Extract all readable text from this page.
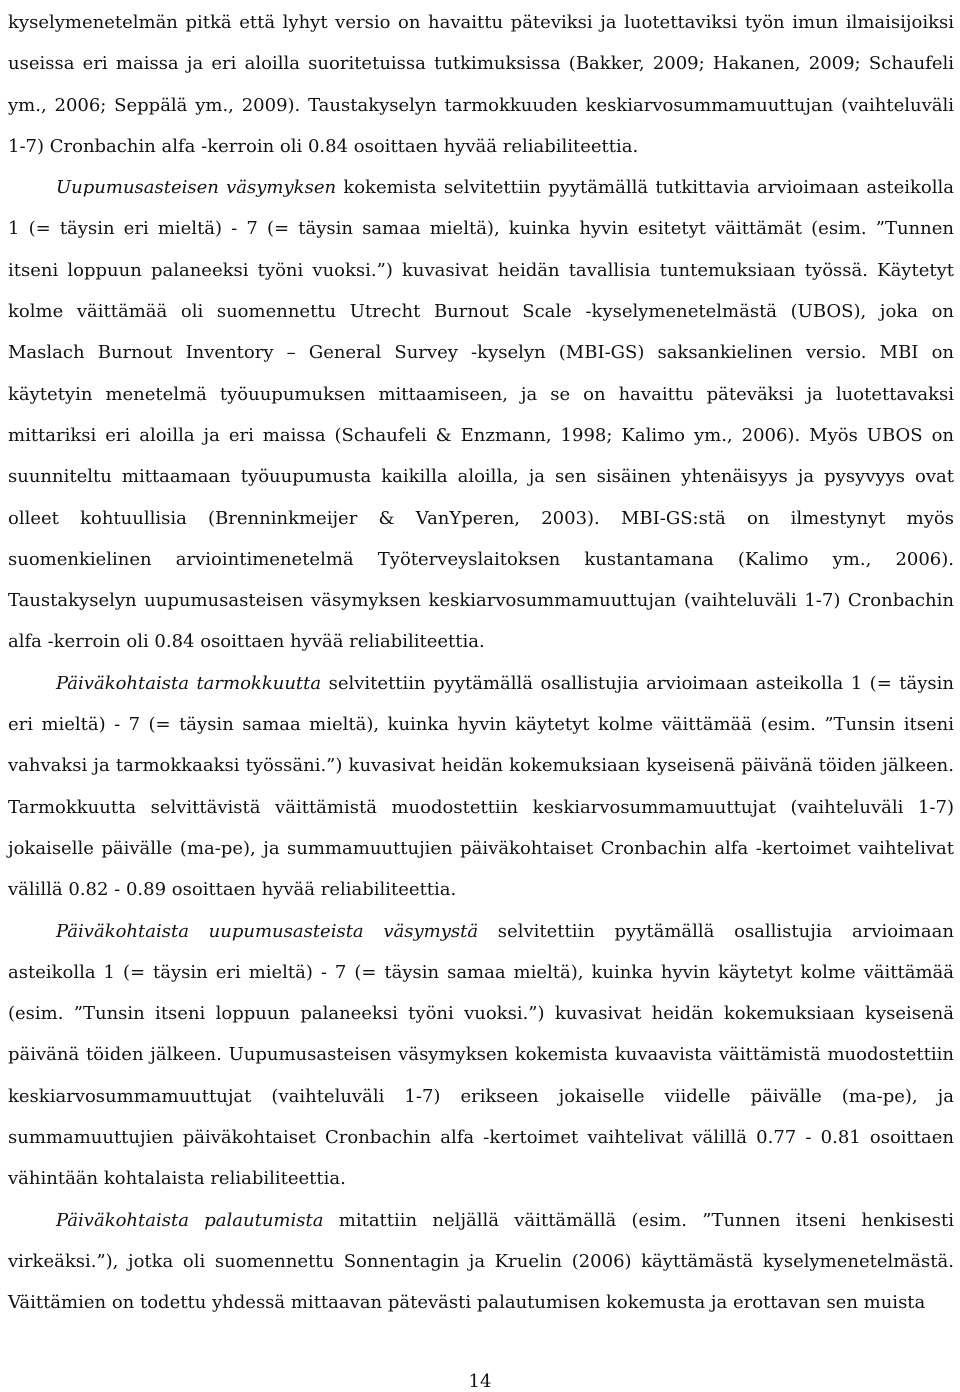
kyselymenetelmän pitkä että lyhyt versio on havaittu päteviksi ja luotettaviksi työn imun ilmaisijoiksi useissa eri maissa ja eri aloilla suoritetuissa tutkimuksissa (Bakker, 2009; Hakanen, 2009; Schaufeli ym., 2006; Seppälä ym., 2009). Taustakyselyn tarmokkuuden keskiarvosummamuuttujan (vaihteluväli 1-7) Cronbachin alfa -kerroin oli 0.84 osoittaen hyvää reliabiliteettia.

Uupumusasteisen väsymyksen kokemista selvitettiin pyytämällä tutkittavia arvioimaan asteikolla 1 (= täysin eri mieltä) - 7 (= täysin samaa mieltä), kuinka hyvin esitetyt väittämät (esim. ”Tunnen itseni loppuun palaneeksi työni vuoksi.”) kuvasivat heidän tavallisia tuntemuksiaan työssä. Käytetyt kolme väittämää oli suomennettu Utrecht Burnout Scale -kyselymenetelmästä (UBOS), joka on Maslach Burnout Inventory – General Survey -kyselyn (MBI-GS) saksankielinen versio. MBI on käytetyin menetelmä työuupumuksen mittaamiseen, ja se on havaittu päteväksi ja luotettavaksi mittariksi eri aloilla ja eri maissa (Schaufeli & Enzmann, 1998; Kalimo ym., 2006). Myös UBOS on suunniteltu mittaamaan työuupumusta kaikilla aloilla, ja sen sisäinen yhtenäisyys ja pysyvyys ovat olleet kohtuullisia (Brenninkmeijer & VanYperen, 2003). MBI-GS:stä on ilmestynyt myös suomenkielinen arviointimenetelmä Työterveyslaitoksen kustantamana (Kalimo ym., 2006). Taustakyselyn uupumusasteisen väsymyksen keskiarvosummamuuttujan (vaihteluväli 1-7) Cronbachin alfa -kerroin oli 0.84 osoittaen hyvää reliabiliteettia.

Päiväkohtaista tarmokkuutta selvitettiin pyytämällä osallistujia arvioimaan asteikolla 1 (= täysin eri mieltä) - 7 (= täysin samaa mieltä), kuinka hyvin käytetyt kolme väittämää (esim. ”Tunsin itseni vahvaksi ja tarmokkaaksi työssäni.”) kuvasivat heidän kokemuksiaan kyseisenä päivänä töiden jälkeen. Tarmokkuutta selvittävistä väittämistä muodostettiin keskiarvosummamuuttujat (vaihteluväli 1-7) jokaiselle päivälle (ma-pe), ja summamuuttujien päiväkohtaiset Cronbachin alfa -kertoimet vaihtelivat välillä 0.82 - 0.89 osoittaen hyvää reliabiliteettia.

Päiväkohtaista uupumusasteista väsymystä selvitettiin pyytämällä osallistujia arvioimaan asteikolla 1 (= täysin eri mieltä) - 7 (= täysin samaa mieltä), kuinka hyvin käytetyt kolme väittämää (esim. ”Tunsin itseni loppuun palaneeksi työni vuoksi.”) kuvasivat heidän kokemuksiaan kyseisenä päivänä töiden jälkeen. Uupumusasteisen väsymyksen kokemista kuvaavista väittämistä muodostettiin keskiarvosummamuuttujat (vaihteluväli 1-7) erikseen jokaiselle viidelle päivälle (ma-pe), ja summamuuttujien päiväkohtaiset Cronbachin alfa -kertoimet vaihtelivat välillä 0.77 - 0.81 osoittaen vähintään kohtalaista reliabiliteettia.

Päiväkohtaista palautumista mitattiin neljällä väittämällä (esim. ”Tunnen itseni henkisesti virkeäksi.”), jotka oli suomennettu Sonnentagin ja Kruelin (2006) käyttämästä kyselymenetelmästä. Väittämien on todettu yhdessä mittaavan pätevästi palautumisen kokemusta ja erottavan sen muista

14
